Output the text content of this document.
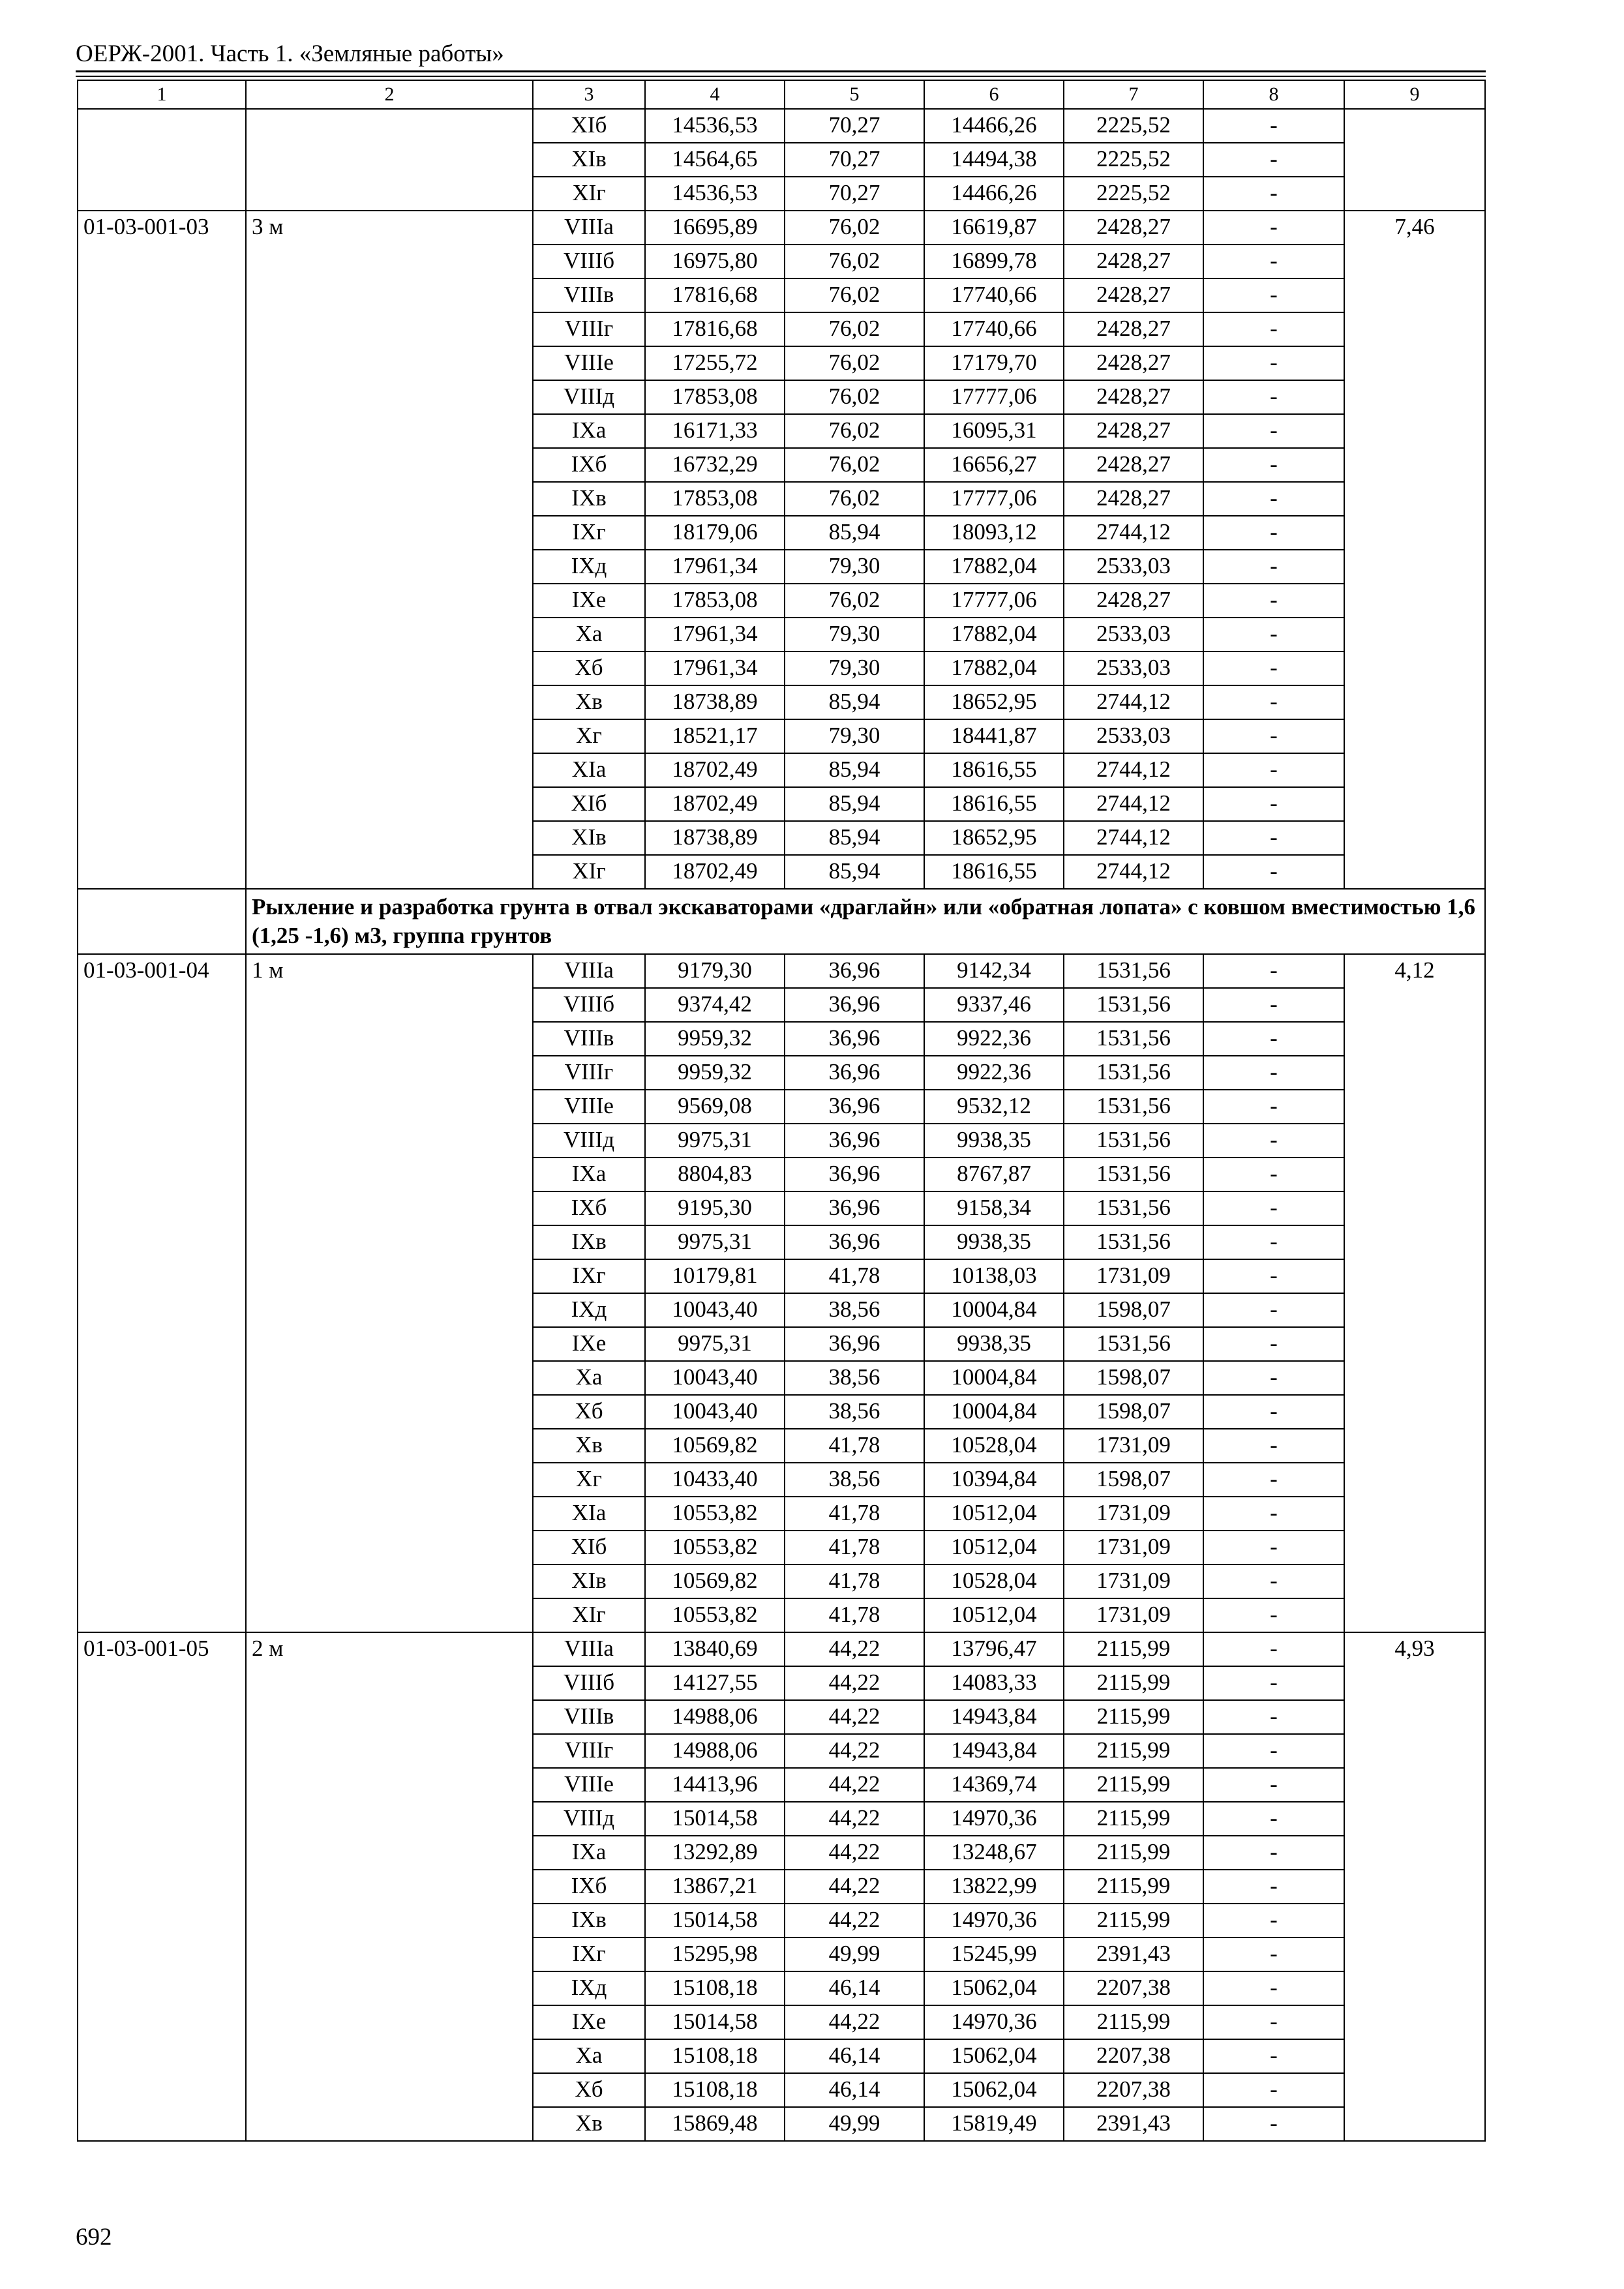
ОЕРЖ-2001. Часть 1. «Земляные работы»
1	2	3	4	5	6	7	8	9
		XIб	14536,53	70,27	14466,26	2225,52	-	
		XIв	14564,65	70,27	14494,38	2225,52	-	
		XIг	14536,53	70,27	14466,26	2225,52	-	
01-03-001-03	3 м	VIIIа	16695,89	76,02	16619,87	2428,27	-	7,46
		VIIIб	16975,80	76,02	16899,78	2428,27	-	
		VIIIв	17816,68	76,02	17740,66	2428,27	-	
		VIIIг	17816,68	76,02	17740,66	2428,27	-	
		VIIIе	17255,72	76,02	17179,70	2428,27	-	
		VIIIд	17853,08	76,02	17777,06	2428,27	-	
		IXа	16171,33	76,02	16095,31	2428,27	-	
		IXб	16732,29	76,02	16656,27	2428,27	-	
		IXв	17853,08	76,02	17777,06	2428,27	-	
		IXг	18179,06	85,94	18093,12	2744,12	-	
		IXд	17961,34	79,30	17882,04	2533,03	-	
		IXе	17853,08	76,02	17777,06	2428,27	-	
		Xа	17961,34	79,30	17882,04	2533,03	-	
		Xб	17961,34	79,30	17882,04	2533,03	-	
		Xв	18738,89	85,94	18652,95	2744,12	-	
		Xг	18521,17	79,30	18441,87	2533,03	-	
		XIа	18702,49	85,94	18616,55	2744,12	-	
		XIб	18702,49	85,94	18616,55	2744,12	-	
		XIв	18738,89	85,94	18652,95	2744,12	-	
		XIг	18702,49	85,94	18616,55	2744,12	-	
	Рыхление и разработка грунта в отвал экскаваторами «драглайн» или «обратная лопата» с ковшом вместимостью 1,6 (1,25 -1,6) м3, группа грунтов							
01-03-001-04	1 м	VIIIа	9179,30	36,96	9142,34	1531,56	-	4,12
		VIIIб	9374,42	36,96	9337,46	1531,56	-	
		VIIIв	9959,32	36,96	9922,36	1531,56	-	
		VIIIг	9959,32	36,96	9922,36	1531,56	-	
		VIIIе	9569,08	36,96	9532,12	1531,56	-	
		VIIIд	9975,31	36,96	9938,35	1531,56	-	
		IXа	8804,83	36,96	8767,87	1531,56	-	
		IXб	9195,30	36,96	9158,34	1531,56	-	
		IXв	9975,31	36,96	9938,35	1531,56	-	
		IXг	10179,81	41,78	10138,03	1731,09	-	
		IXд	10043,40	38,56	10004,84	1598,07	-	
		IXе	9975,31	36,96	9938,35	1531,56	-	
		Xа	10043,40	38,56	10004,84	1598,07	-	
		Xб	10043,40	38,56	10004,84	1598,07	-	
		Xв	10569,82	41,78	10528,04	1731,09	-	
		Xг	10433,40	38,56	10394,84	1598,07	-	
		XIа	10553,82	41,78	10512,04	1731,09	-	
		XIб	10553,82	41,78	10512,04	1731,09	-	
		XIв	10569,82	41,78	10528,04	1731,09	-	
		XIг	10553,82	41,78	10512,04	1731,09	-	
01-03-001-05	2 м	VIIIа	13840,69	44,22	13796,47	2115,99	-	4,93
		VIIIб	14127,55	44,22	14083,33	2115,99	-	
		VIIIв	14988,06	44,22	14943,84	2115,99	-	
		VIIIг	14988,06	44,22	14943,84	2115,99	-	
		VIIIе	14413,96	44,22	14369,74	2115,99	-	
		VIIIд	15014,58	44,22	14970,36	2115,99	-	
		IXа	13292,89	44,22	13248,67	2115,99	-	
		IXб	13867,21	44,22	13822,99	2115,99	-	
		IXв	15014,58	44,22	14970,36	2115,99	-	
		IXг	15295,98	49,99	15245,99	2391,43	-	
		IXд	15108,18	46,14	15062,04	2207,38	-	
		IXе	15014,58	44,22	14970,36	2115,99	-	
		Xа	15108,18	46,14	15062,04	2207,38	-	
		Xб	15108,18	46,14	15062,04	2207,38	-	
		Xв	15869,48	49,99	15819,49	2391,43	-	
692
